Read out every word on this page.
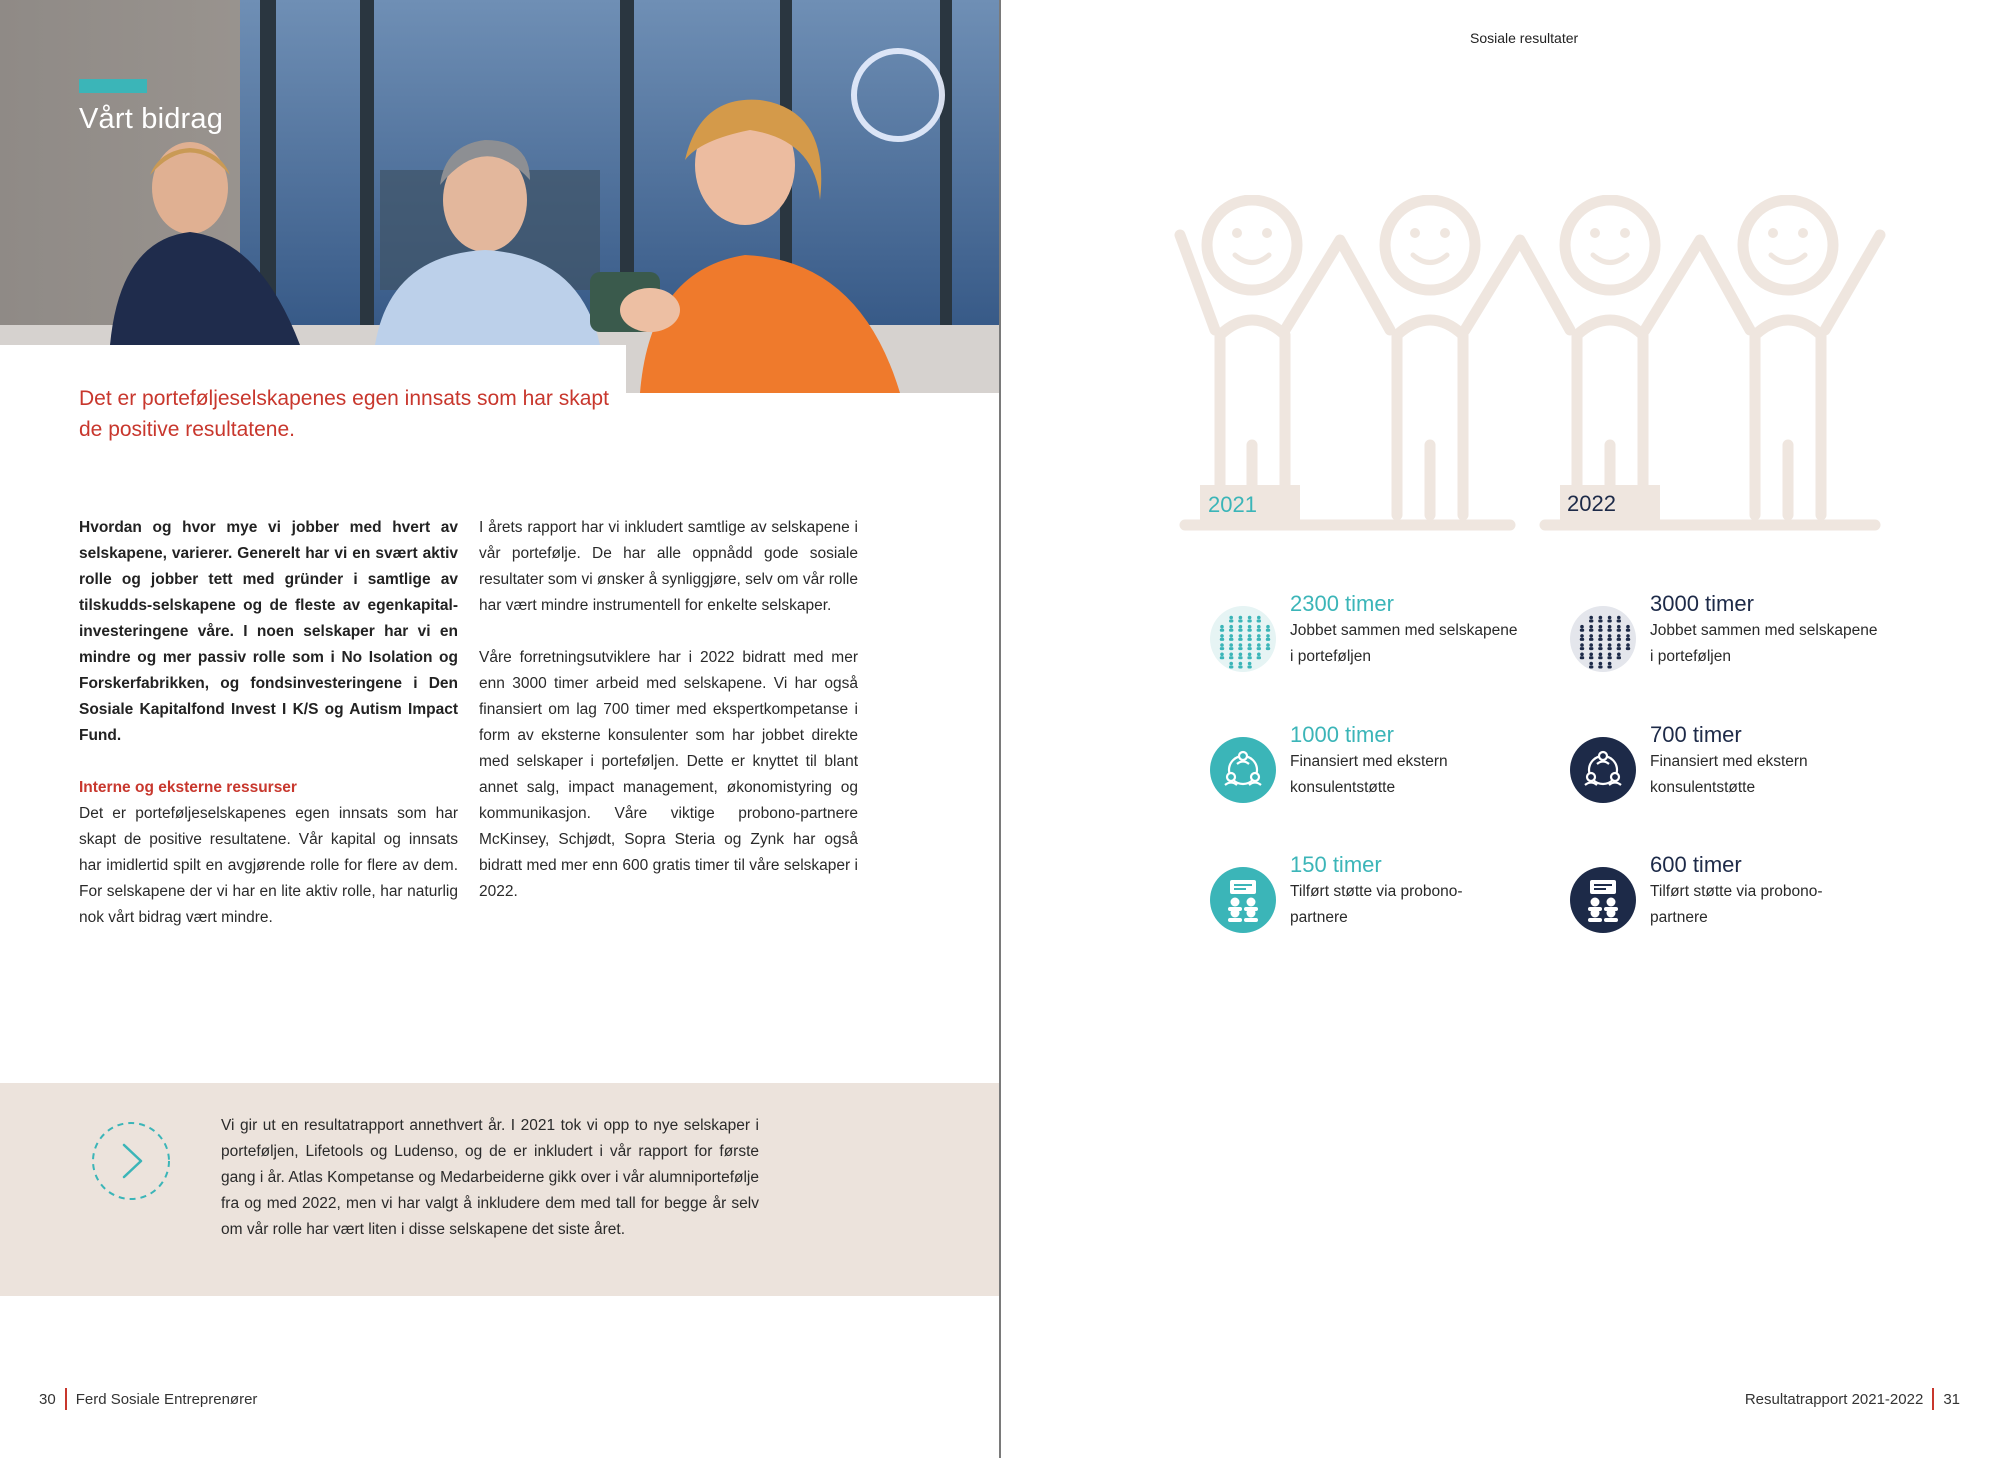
Vårt bidrag

Det er porteføljeselskapenes egen innsats som har skapt de positive resultatene.

Hvordan og hvor mye vi jobber med hvert av selskapene, varierer. Generelt har vi en svært aktiv rolle og jobber tett med gründer i samtlige av tilskudds-selskapene og de fleste av egenkapital-investeringene våre. I noen selskaper har vi en mindre og mer passiv rolle som i No Isolation og Forskerfabrikken, og fondsinvesteringene i Den Sosiale Kapitalfond Invest I K/S og Autism Impact Fund.

Interne og eksterne ressurser

Det er porteføljeselskapenes egen innsats som har skapt de positive resultatene. Vår kapital og innsats har imidlertid spilt en avgjørende rolle for flere av dem. For selskapene der vi har en lite aktiv rolle, har naturlig nok vårt bidrag vært mindre.

I årets rapport har vi inkludert samtlige av selskapene i vår portefølje. De har alle oppnådd gode sosiale resultater som vi ønsker å synliggjøre, selv om vår rolle har vært mindre instrumentell for enkelte selskaper.

Våre forretningsutviklere har i 2022 bidratt med mer enn 3000 timer arbeid med selskapene. Vi har også finansiert om lag 700 timer med ekspertkompetanse i form av eksterne konsulenter som har jobbet direkte med selskaper i porteføljen. Dette er knyttet til blant annet salg, impact management, økonomistyring og kommunikasjon. Våre viktige probono-partnere McKinsey, Schjødt, Sopra Steria og Zynk har også bidratt med mer enn 600 gratis timer til våre selskaper i 2022.

Vi gir ut en resultatrapport annethvert år. I 2021 tok vi opp to nye selskaper i porteføljen, Lifetools og Ludenso, og de er inkludert i vår rapport for første gang i år. Atlas Kompetanse og Medarbeiderne gikk over i vår alumniportefølje fra og med 2022, men vi har valgt å inkludere dem med tall for begge år selv om vår rolle har vært liten i disse selskapene det siste året.

30 Ferd Sosiale Entreprenører
Sosiale resultater
2021	2022
2300 timer
Jobbet sammen med selskapene i porteføljen
1000 timer
Finansiert med ekstern konsulentstøtte
150 timer
Tilført støtte via probono-partnere
3000 timer
Jobbet sammen med selskapene i porteføljen
700 timer
Finansiert med ekstern konsulentstøtte
600 timer
Tilført støtte via probono-partnere
Resultatrapport 2021-2022 31
